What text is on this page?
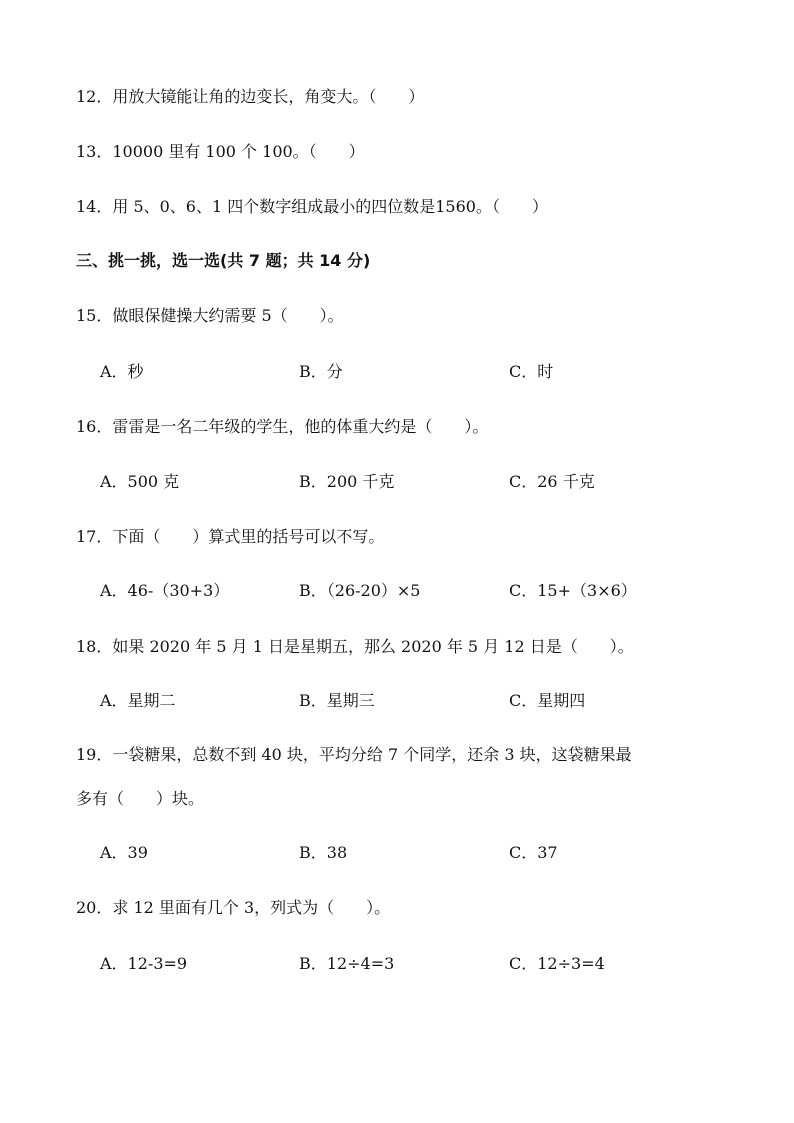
12．用放大镜能让角的边变长，角变大。（　　）
13．10000 里有 100 个 100。（　　）
14．用 5、0、6、1 四个数字组成最小的四位数是1560。（　　）
三、挑一挑，选一选(共 7 题；共 14 分)
15．做眼保健操大约需要 5（　　）。
A．秒	B．分	C．时
16．雷雷是一名二年级的学生，他的体重大约是（　　）。
A．500 克	B．200 千克	C．26 千克
17．下面（　　）算式里的括号可以不写。
A．46-（30+3）	B．（26-20）×5	C．15+（3×6）
18．如果 2020 年 5 月 1 日是星期五，那么 2020 年 5 月 12 日是（　　）。
A．星期二	B．星期三	C．星期四
19．一袋糖果，总数不到 40 块，平均分给 7 个同学，还余 3 块，这袋糖果最
多有（　　）块。
A．39	B．38	C．37
20．求 12 里面有几个 3，列式为（　　）。
A．12-3=9	B．12÷4=3	C．12÷3=4
